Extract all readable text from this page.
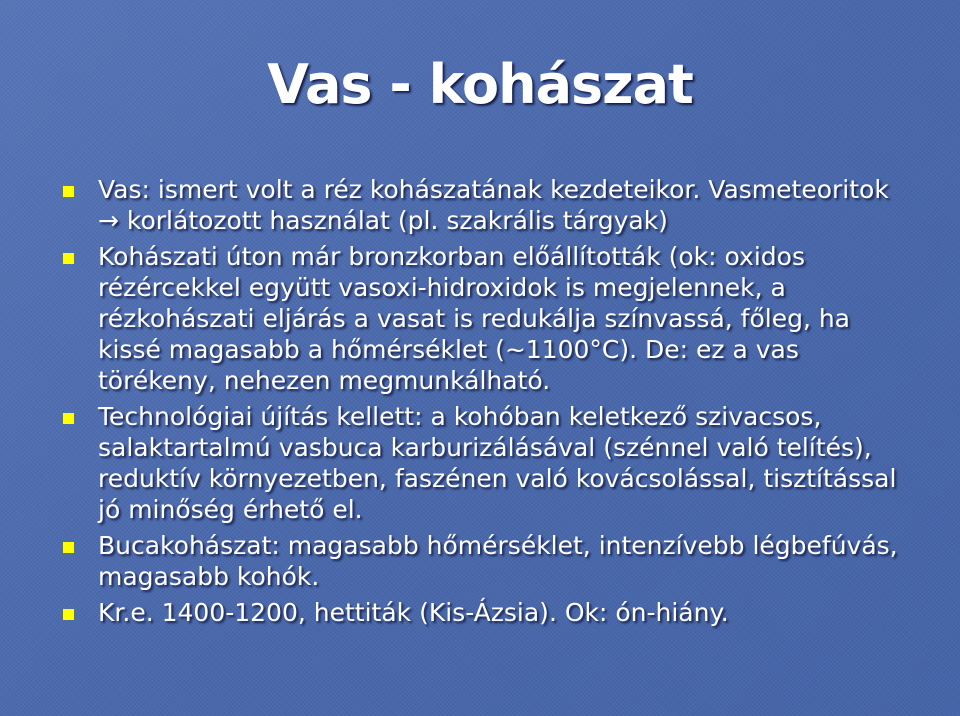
Vas - kohászat
Vas: ismert volt a réz kohászatának kezdeteikor. Vasmeteoritok → korlátozott használat (pl. szakrális tárgyak)
Kohászati úton már bronzkorban előállították (ok: oxidos rézércekkel együtt vasoxi-hidroxidok is megjelennek, a rézkohászati eljárás a vasat is redukálja színvassá, főleg, ha kissé magasabb a hőmérséklet (~1100°C). De: ez a vas törékeny, nehezen megmunkálható.
Technológiai újítás kellett: a kohóban keletkező szivacsos, salaktartalmú vasbuca karburizálásával (szénnel való telítés), reduktív környezetben, faszénen való kovácsolással, tisztítással jó minőség érhető el.
Bucakohászat: magasabb hőmérséklet, intenzívebb légbefúvás, magasabb kohók.
Kr.e. 1400-1200, hettiták (Kis-Ázsia). Ok: ón-hiány.
